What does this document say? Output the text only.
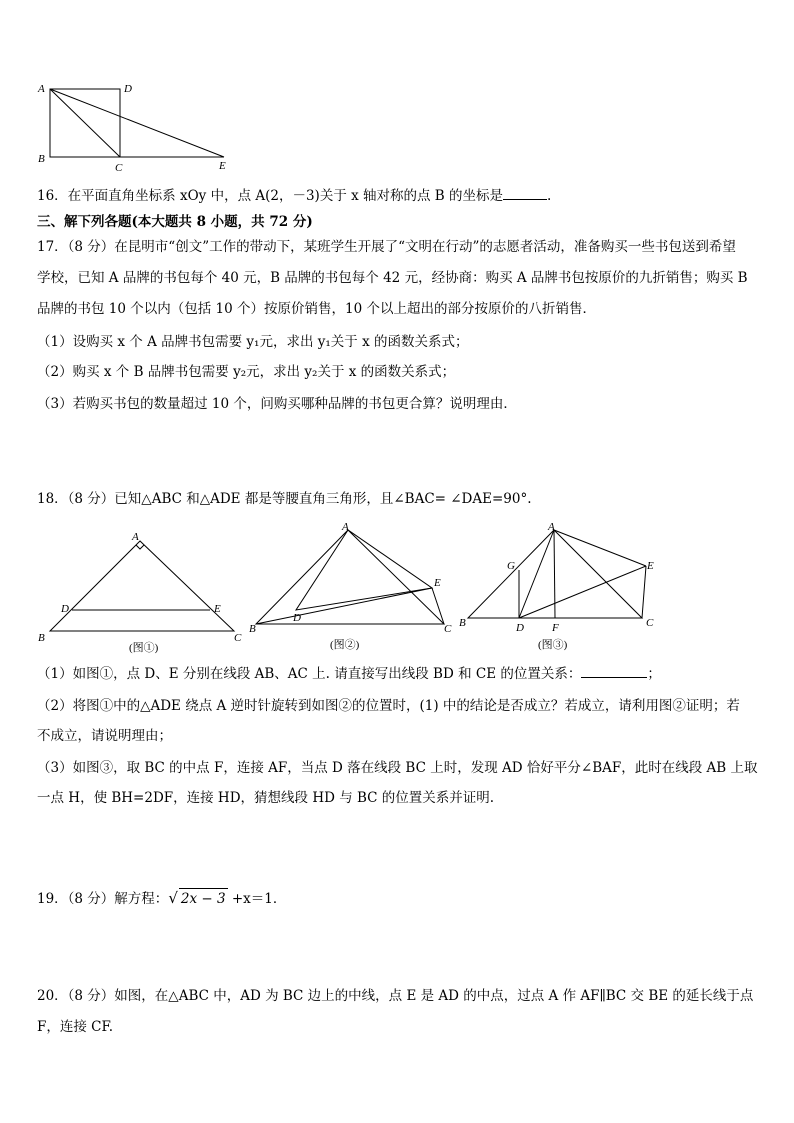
A	D
B
C	E
16．在平面直角坐标系 xOy 中，点 A(2，－3)关于 x 轴对称的点 B 的坐标是	.
三、解下列各题(本大题共 8 小题，共 72 分)
17．（8 分）在昆明市“创文”工作的带动下，某班学生开展了“文明在行动”的志愿者活动，准备购买一些书包送到希望
学校，已知 A 品牌的书包每个 40 元，B 品牌的书包每个 42 元，经协商：购买 A 品牌书包按原价的九折销售；购买 B
品牌的书包 10 个以内（包括 10 个）按原价销售，10 个以上超出的部分按原价的八折销售．
（1）设购买 x 个 A 品牌书包需要 y₁元，求出 y₁关于 x 的函数关系式；
（2）购买 x 个 B 品牌书包需要 y₂元，求出 y₂关于 x 的函数关系式；
（3）若购买书包的数量超过 10 个，问购买哪种品牌的书包更合算？说明理由．
18．（8 分）已知△ABC 和△ADE 都是等腰直角三角形，且∠BAC= ∠DAE=90°.
A
B	C
D	E
(图①)
A
B	C
D
E
(图②)
A
B	C
D
E
F
G
(图③)
（1）如图①，点 D、E 分别在线段 AB、AC 上. 请直接写出线段 BD 和 CE 的位置关系：	；
（2）将图①中的△ADE 绕点 A 逆时针旋转到如图②的位置时，(1) 中的结论是否成立？若成立，请利用图②证明；若
不成立，请说明理由；
（3）如图③，取 BC 的中点 F，连接 AF，当点 D 落在线段 BC 上时，发现 AD 恰好平分∠BAF，此时在线段 AB 上取
一点 H，使 BH=2DF，连接 HD，猜想线段 HD 与 BC 的位置关系并证明.
19．（8 分）解方程：√ 2x − 3 +x＝1．
20．（8 分）如图，在△ABC 中，AD 为 BC 边上的中线，点 E 是 AD 的中点，过点 A 作 AF∥BC 交 BE 的延长线于点
F，连接 CF.
